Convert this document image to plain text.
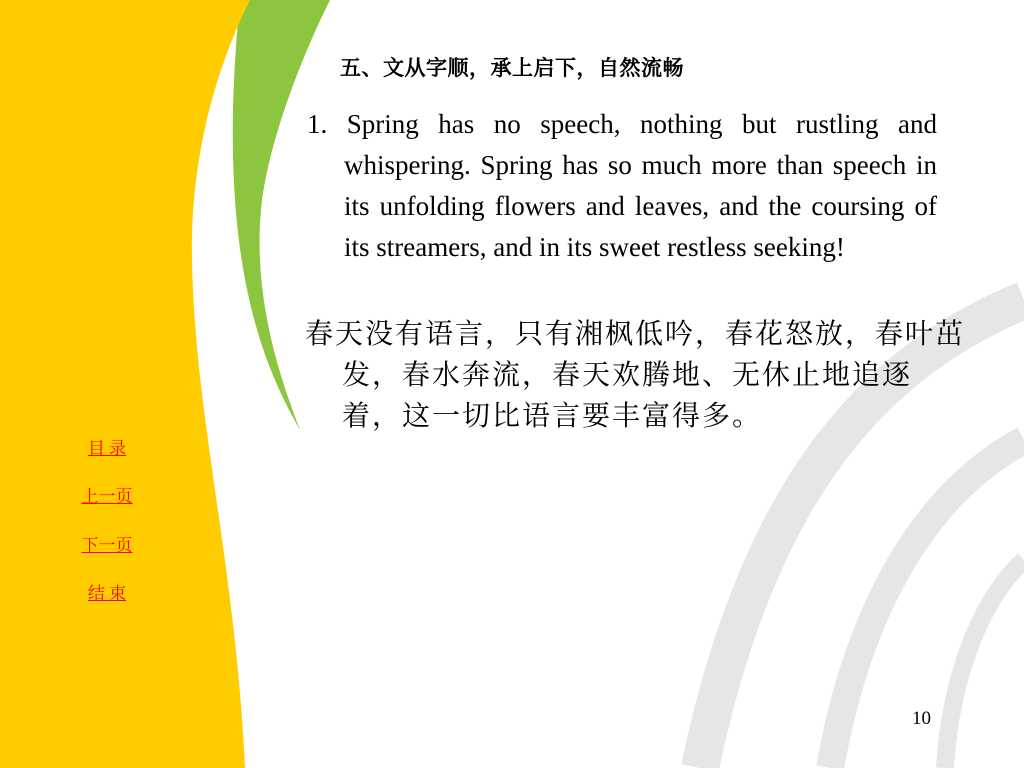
五、文从字顺，承上启下，自然流畅
1. Spring has no speech, nothing but rustling and whispering. Spring has so much more than speech in its unfolding flowers and leaves, and the coursing of its streamers, and in its sweet restless seeking!
春天没有语言，只有湘枫低吟，春花怒放，春叶茁发，春水奔流，春天欢腾地、无休止地追逐着，这一切比语言要丰富得多。
目 录
上一页
下一页
结 束
10
